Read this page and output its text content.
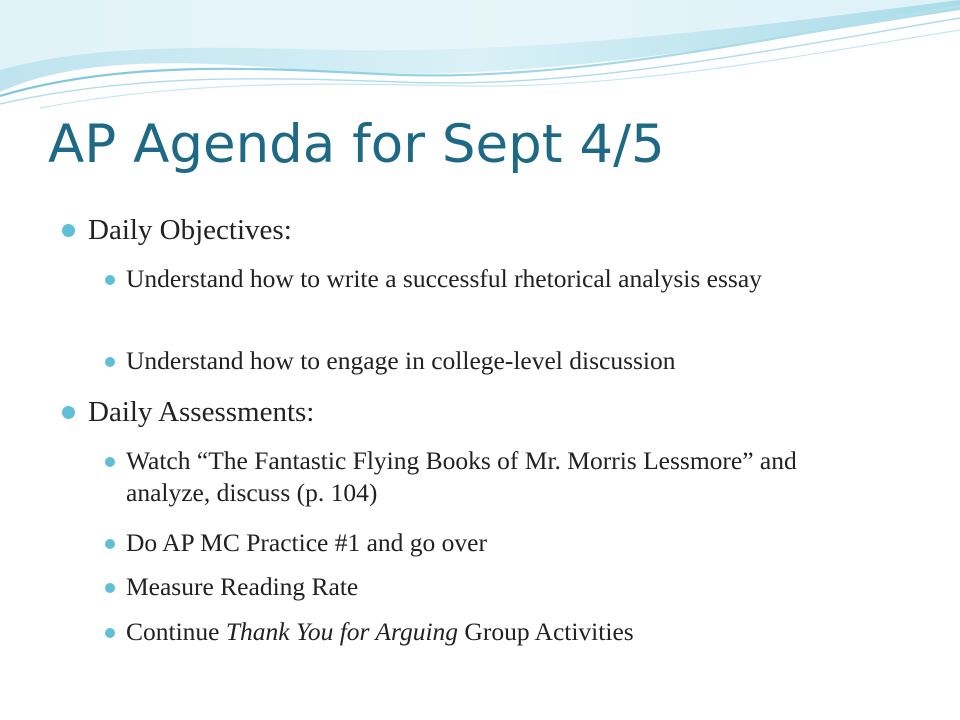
AP Agenda for Sept 4/5
Daily Objectives:
Understand how to write a successful rhetorical analysis essay
Understand how to engage in college-level discussion
Daily Assessments:
Watch “The Fantastic Flying Books of Mr. Morris Lessmore” and analyze, discuss (p. 104)
Do AP MC Practice #1 and go over
Measure Reading Rate
Continue Thank You for Arguing Group Activities
